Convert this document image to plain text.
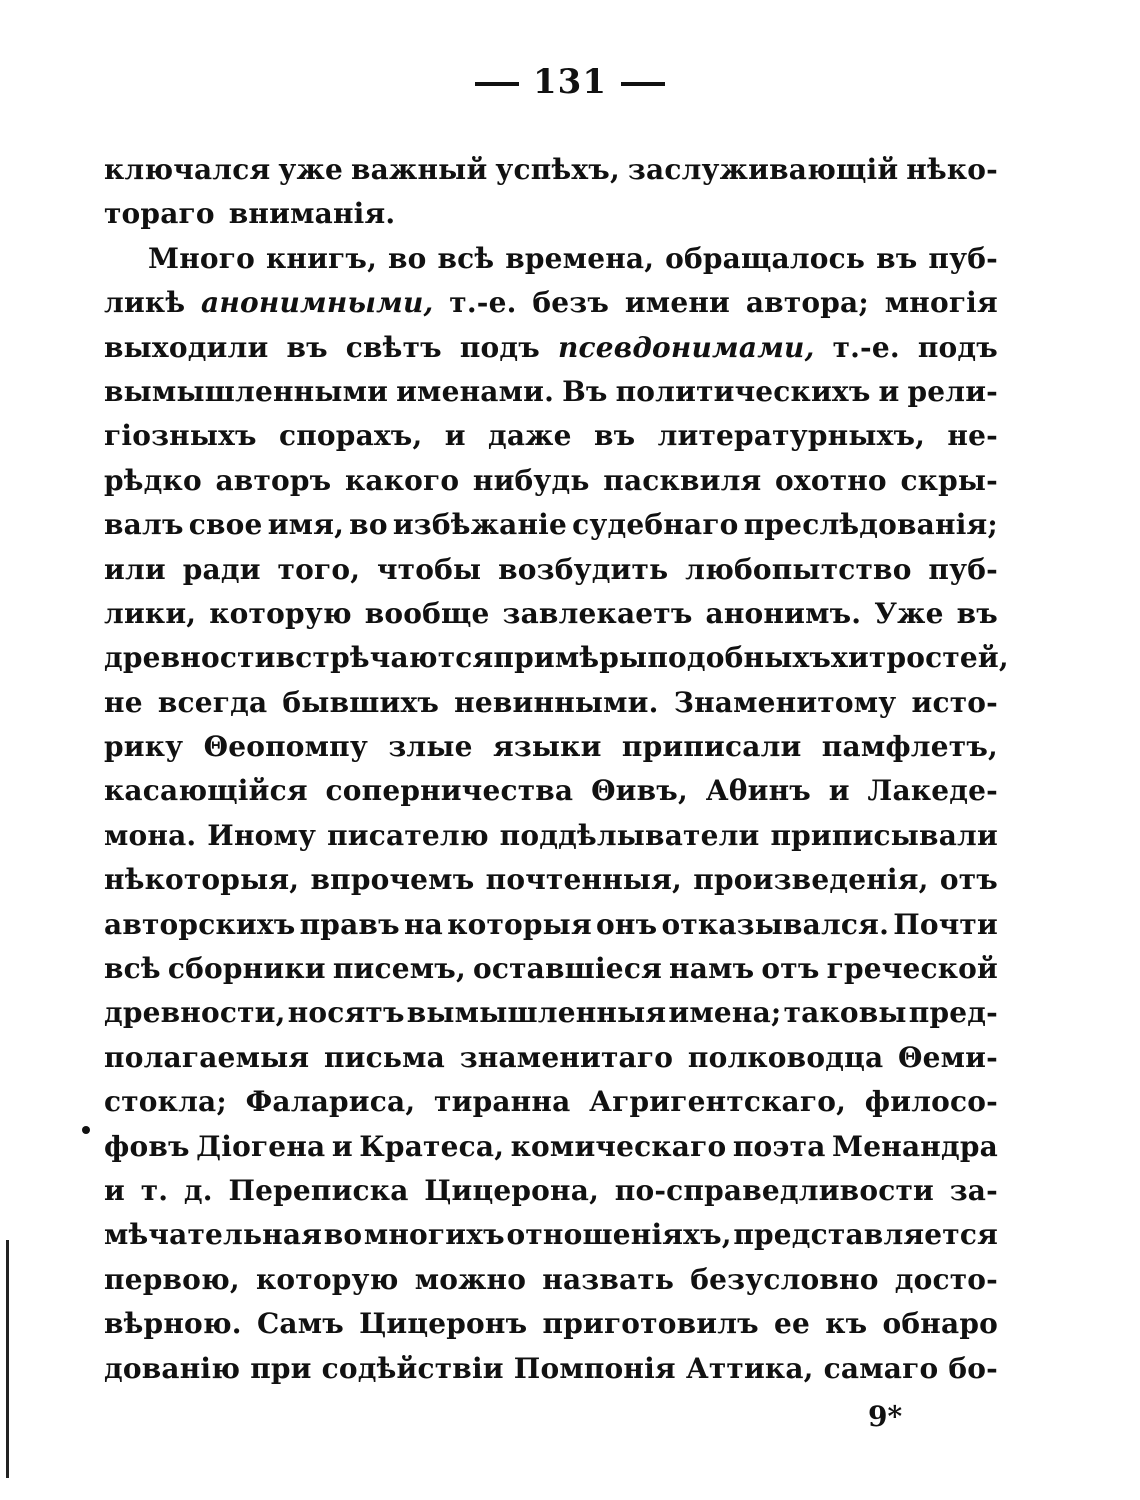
131
ключался уже важный успѣхъ, заслуживающій нѣко-
тораго вниманія.
Много книгъ, во всѣ времена, обращалось въ пуб-
ликѣ анонимными, т.-е. безъ имени автора; многія
выходили въ свѣтъ подъ псевдонимами, т.-е. подъ
вымышленными именами. Въ политическихъ и рели-
гіозныхъ спорахъ, и даже въ литературныхъ, не-
рѣдко авторъ какого нибудь пасквиля охотно скры-
валъ свое имя, во избѣжаніе судебнаго преслѣдованія;
или ради того, чтобы возбудить любопытство пуб-
лики, которую вообще завлекаетъ анонимъ. Уже въ
древности встрѣчаются примѣры подобныхъ хитростей,
не всегда бывшихъ невинными. Знаменитому исто-
рику Θеопомпу злые языки приписали памфлетъ,
касающійся соперничества Θивъ, Аθинъ и Лакеде-
мона. Иному писателю поддѣлыватели приписывали
нѣкоторыя, впрочемъ почтенныя, произведенія, отъ
авторскихъ правъ на которыя онъ отказывался. Почти
всѣ сборники писемъ, оставшіеся намъ отъ греческой
древности, носятъ вымышленныя имена; таковы пред-
полагаемыя письма знаменитаго полководца Θеми-
стокла; Фалариса, тиранна Агригентскаго, филосо-
фовъ Діогена и Кратеса, комическаго поэта Менандра
и т. д. Переписка Цицерона, по-справедливости за-
мѣчательная во многихъ отношеніяхъ, представляется
первою, которую можно назвать безусловно досто-
вѣрною. Самъ Цицеронъ приготовилъ ее къ обнаро
дованію при содѣйствіи Помпонія Аттика, самаго бо-
9*
